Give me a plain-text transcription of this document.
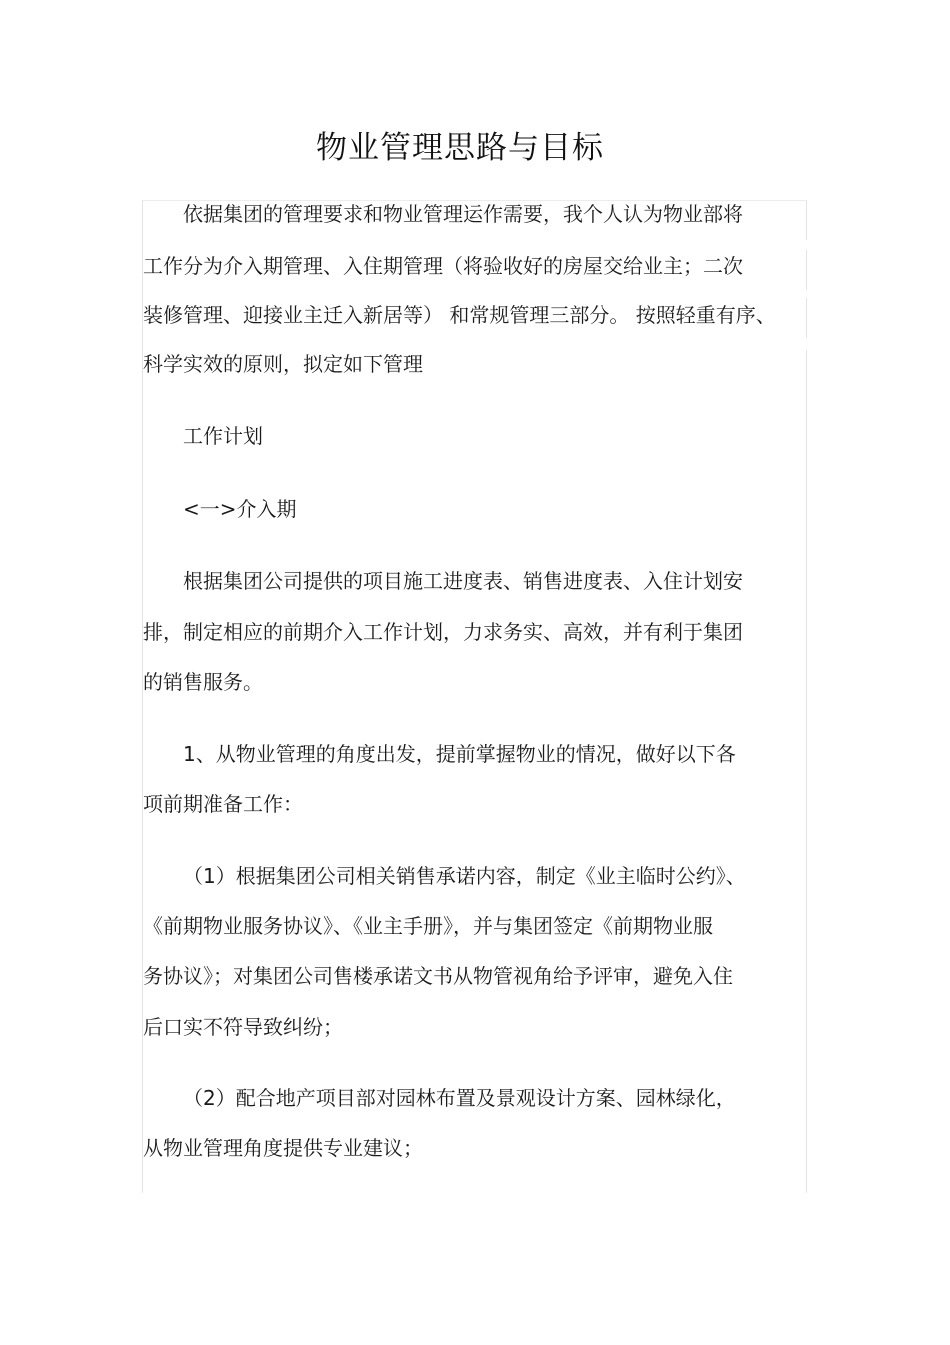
物业管理思路与目标
依据集团的管理要求和物业管理运作需要，我个人认为物业部将
工作分为介入期管理、入住期管理（将验收好的房屋交给业主；二次
装修管理、迎接业主迁入新居等） 和常规管理三部分。 按照轻重有序、
科学实效的原则，拟定如下管理
工作计划
<一>介入期
根据集团公司提供的项目施工进度表、销售进度表、入住计划安
排，制定相应的前期介入工作计划，力求务实、高效，并有利于集团
的销售服务。
1、从物业管理的角度出发，提前掌握物业的情况，做好以下各
项前期准备工作：
（1）根据集团公司相关销售承诺内容，制定《业主临时公约》、
《前期物业服务协议》、《业主手册》，并与集团签定《前期物业服
务协议》；对集团公司售楼承诺文书从物管视角给予评审，避免入住
后口实不符导致纠纷；
（2）配合地产项目部对园林布置及景观设计方案、园林绿化，
从物业管理角度提供专业建议；
